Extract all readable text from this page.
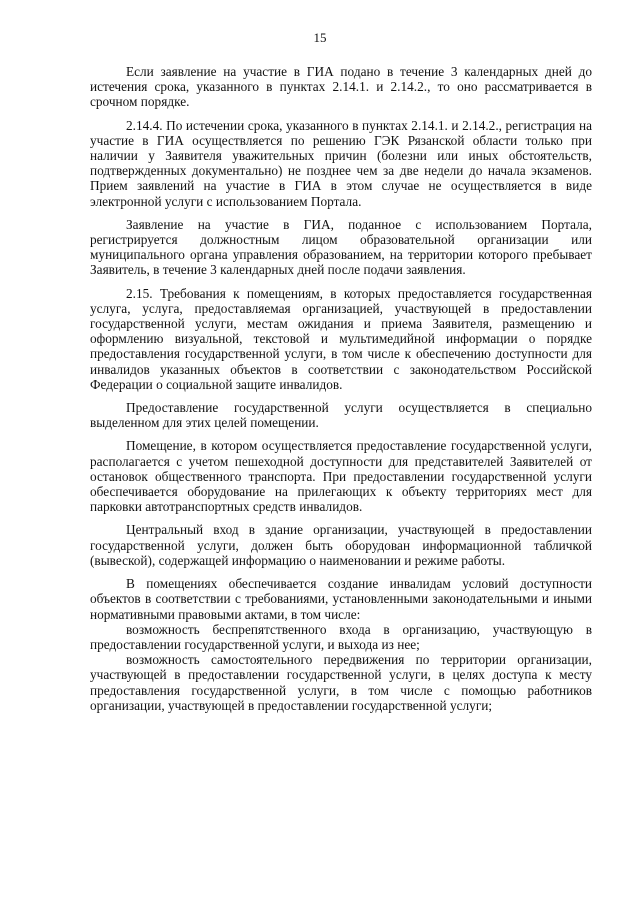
15

Если заявление на участие в ГИА подано в течение 3 календарных дней до истечения срока, указанного в пунктах 2.14.1. и 2.14.2., то оно рассматривается в срочном порядке.

2.14.4. По истечении срока, указанного в пунктах 2.14.1. и 2.14.2., регистрация на участие в ГИА осуществляется по решению ГЭК Рязанской области только при наличии у Заявителя уважительных причин (болезни или иных обстоятельств, подтвержденных документально) не позднее чем за две недели до начала экзаменов. Прием заявлений на участие в ГИА в этом случае не осуществляется в виде электронной услуги с использованием Портала.

Заявление на участие в ГИА, поданное с использованием Портала, регистрируется должностным лицом образовательной организации или муниципального органа управления образованием, на территории которого пребывает Заявитель, в течение 3 календарных дней после подачи заявления.

2.15. Требования к помещениям, в которых предоставляется государственная услуга, услуга, предоставляемая организацией, участвующей в предоставлении государственной услуги, местам ожидания и приема Заявителя, размещению и оформлению визуальной, текстовой и мультимедийной информации о порядке предоставления государственной услуги, в том числе к обеспечению доступности для инвалидов указанных объектов в соответствии с законодательством Российской Федерации о социальной защите инвалидов.

Предоставление государственной услуги осуществляется в специально выделенном для этих целей помещении.

Помещение, в котором осуществляется предоставление государственной услуги, располагается с учетом пешеходной доступности для представителей Заявителей от остановок общественного транспорта. При предоставлении государственной услуги обеспечивается оборудование на прилегающих к объекту территориях мест для парковки автотранспортных средств инвалидов.

Центральный вход в здание организации, участвующей в предоставлении государственной услуги, должен быть оборудован информационной табличкой (вывеской), содержащей информацию о наименовании и режиме работы.

В помещениях обеспечивается создание инвалидам условий доступности объектов в соответствии с требованиями, установленными законодательными и иными нормативными правовыми актами, в том числе:

возможность беспрепятственного входа в организацию, участвующую в предоставлении государственной услуги, и выхода из нее;

возможность самостоятельного передвижения по территории организации, участвующей в предоставлении государственной услуги, в целях доступа к месту предоставления государственной услуги, в том числе с помощью работников организации, участвующей в предоставлении государственной услуги;
